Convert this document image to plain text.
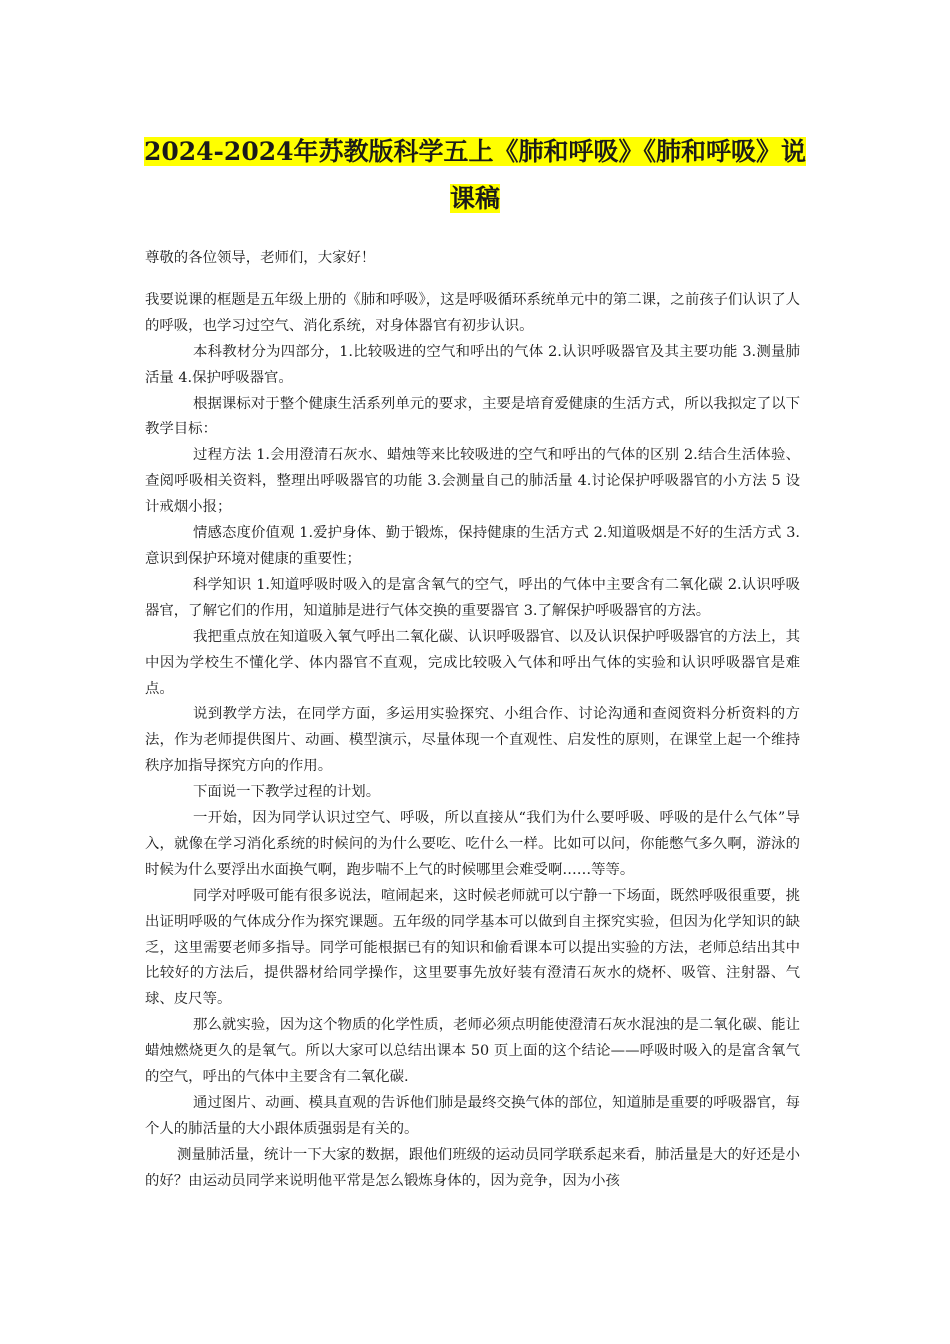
2024-2024年苏教版科学五上《肺和呼吸》《肺和呼吸》说
课稿

尊敬的各位领导，老师们，大家好！

我要说课的框题是五年级上册的《肺和呼吸》，这是呼吸循环系统单元中的第二课，之前孩子们认识了人的呼吸，也学习过空气、消化系统，对身体器官有初步认识。

本科教材分为四部分，1.比较吸进的空气和呼出的气体 2.认识呼吸器官及其主要功能 3.测量肺活量 4.保护呼吸器官。

根据课标对于整个健康生活系列单元的要求，主要是培育爱健康的生活方式，所以我拟定了以下教学目标：

过程方法 1.会用澄清石灰水、蜡烛等来比较吸进的空气和呼出的气体的区别 2.结合生活体验、查阅呼吸相关资料，整理出呼吸器官的功能 3.会测量自己的肺活量 4.讨论保护呼吸器官的小方法 5 设计戒烟小报；

情感态度价值观 1.爱护身体、勤于锻炼，保持健康的生活方式 2.知道吸烟是不好的生活方式 3.意识到保护环境对健康的重要性；

科学知识 1.知道呼吸时吸入的是富含氧气的空气，呼出的气体中主要含有二氧化碳 2.认识呼吸器官，了解它们的作用，知道肺是进行气体交换的重要器官 3.了解保护呼吸器官的方法。

我把重点放在知道吸入氧气呼出二氧化碳、认识呼吸器官、以及认识保护呼吸器官的方法上，其中因为学校生不懂化学、体内器官不直观，完成比较吸入气体和呼出气体的实验和认识呼吸器官是难点。

说到教学方法，在同学方面，多运用实验探究、小组合作、讨论沟通和查阅资料分析资料的方法，作为老师提供图片、动画、模型演示，尽量体现一个直观性、启发性的原则，在课堂上起一个维持秩序加指导探究方向的作用。

下面说一下教学过程的计划。

一开始，因为同学认识过空气、呼吸，所以直接从“我们为什么要呼吸、呼吸的是什么气体”导入，就像在学习消化系统的时候问的为什么要吃、吃什么一样。比如可以问，你能憋气多久啊，游泳的时候为什么要浮出水面换气啊，跑步喘不上气的时候哪里会难受啊……等等。

同学对呼吸可能有很多说法，喧闹起来，这时候老师就可以宁静一下场面，既然呼吸很重要，挑出证明呼吸的气体成分作为探究课题。五年级的同学基本可以做到自主探究实验，但因为化学知识的缺乏，这里需要老师多指导。同学可能根据已有的知识和偷看课本可以提出实验的方法，老师总结出其中比较好的方法后，提供器材给同学操作，这里要事先放好装有澄清石灰水的烧杯、吸管、注射器、气球、皮尺等。

那么就实验，因为这个物质的化学性质，老师必须点明能使澄清石灰水混浊的是二氧化碳、能让蜡烛燃烧更久的是氧气。所以大家可以总结出课本 50 页上面的这个结论——呼吸时吸入的是富含氧气的空气，呼出的气体中主要含有二氧化碳.

通过图片、动画、模具直观的告诉他们肺是最终交换气体的部位，知道肺是重要的呼吸器官，每个人的肺活量的大小跟体质强弱是有关的。

测量肺活量，统计一下大家的数据，跟他们班级的运动员同学联系起来看，肺活量是大的好还是小的好？由运动员同学来说明他平常是怎么锻炼身体的，因为竞争，因为小孩
